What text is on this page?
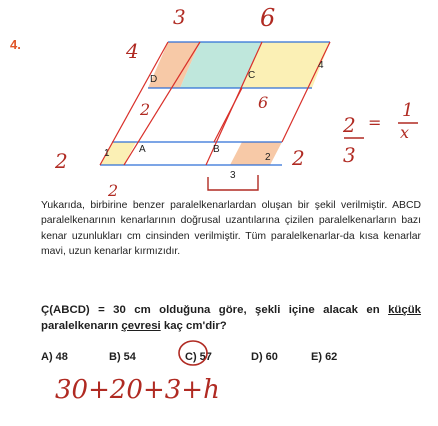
4.
A	B
C
D
4
3
1	2
3	6
4
2	6
2
2
2
2
3
=
1
x
Yukarıda, birbirine benzer paralelkenarlardan oluşan bir şekil verilmiştir. ABCD paralelkenarının kenarlarının doğrusal uzantılarına çizilen paralelkenarların bazı kenar uzunlukları cm cinsinden verilmiştir. Tüm paralelkenarlar-da kısa kenarlar mavi, uzun kenarlar kırmızıdır.
Ç(ABCD) = 30 cm olduğuna göre, şekli içine alacak en küçük paralelkenarın çevresi kaç cm'dir?
A) 48	B) 54	C) 57	D) 60	E) 62
30+20+3+h
